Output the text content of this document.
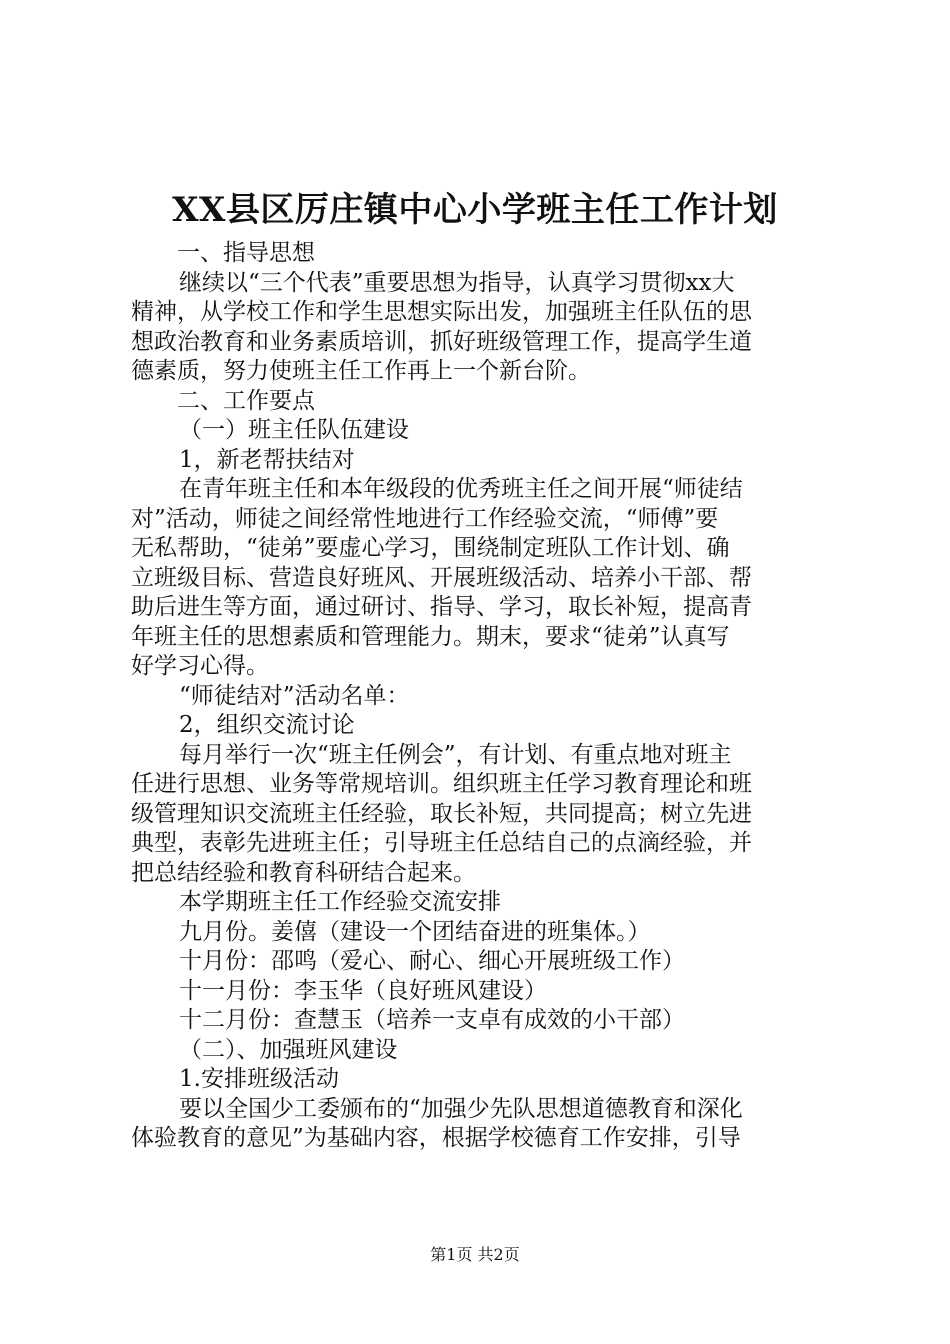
XX县区厉庄镇中心小学班主任工作计划
一、指导思想
继续以“三个代表”重要思想为指导，认真学习贯彻xx大
精神，从学校工作和学生思想实际出发，加强班主任队伍的思
想政治教育和业务素质培训，抓好班级管理工作，提高学生道
德素质，努力使班主任工作再上一个新台阶。
二、工作要点
（一）班主任队伍建设
1，新老帮扶结对
在青年班主任和本年级段的优秀班主任之间开展“师徒结
对”活动，师徒之间经常性地进行工作经验交流，“师傅”要
无私帮助，“徒弟”要虚心学习，围绕制定班队工作计划、确
立班级目标、营造良好班风、开展班级活动、培养小干部、帮
助后进生等方面，通过研讨、指导、学习，取长补短，提高青
年班主任的思想素质和管理能力。期末，要求“徒弟”认真写
好学习心得。
“师徒结对”活动名单：
2，组织交流讨论
每月举行一次“班主任例会”，有计划、有重点地对班主
任进行思想、业务等常规培训。组织班主任学习教育理论和班
级管理知识交流班主任经验，取长补短，共同提高；树立先进
典型，表彰先进班主任；引导班主任总结自己的点滴经验，并
把总结经验和教育科研结合起来。
本学期班主任工作经验交流安排
九月份。姜僖（建设一个团结奋进的班集体。）
十月份：邵鸣（爱心、耐心、细心开展班级工作）
十一月份：李玉华（良好班风建设）
十二月份：查慧玉（培养一支卓有成效的小干部）
（二）、加强班风建设
1.安排班级活动
要以全国少工委颁布的“加强少先队思想道德教育和深化
体验教育的意见”为基础内容，根据学校德育工作安排，引导
第1页 共2页
